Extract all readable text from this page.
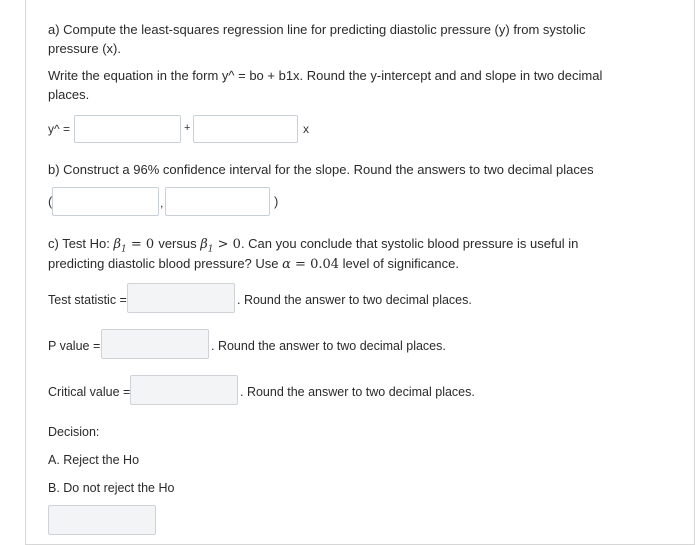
a) Compute the least-squares regression line for predicting diastolic pressure (y) from systolic
pressure (x).
Write the equation in the form y^ = bo + b1x. Round the y-intercept and and slope in two decimal
places.
y^ =	+	x
b) Construct a 96% confidence interval for the slope. Round the answers to two decimal places
(	,	)
c) Test Ho: $\beta_1 = 0$ versus $\beta_1 > 0$. Can you conclude that systolic blood pressure is useful in
predicting diastolic blood pressure? Use α = 0.04 level of significance.
Test statistic =	. Round the answer to two decimal places.
P value =	. Round the answer to two decimal places.
Critical value =	. Round the answer to two decimal places.
Decision:
A. Reject the Ho
B. Do not reject the Ho
